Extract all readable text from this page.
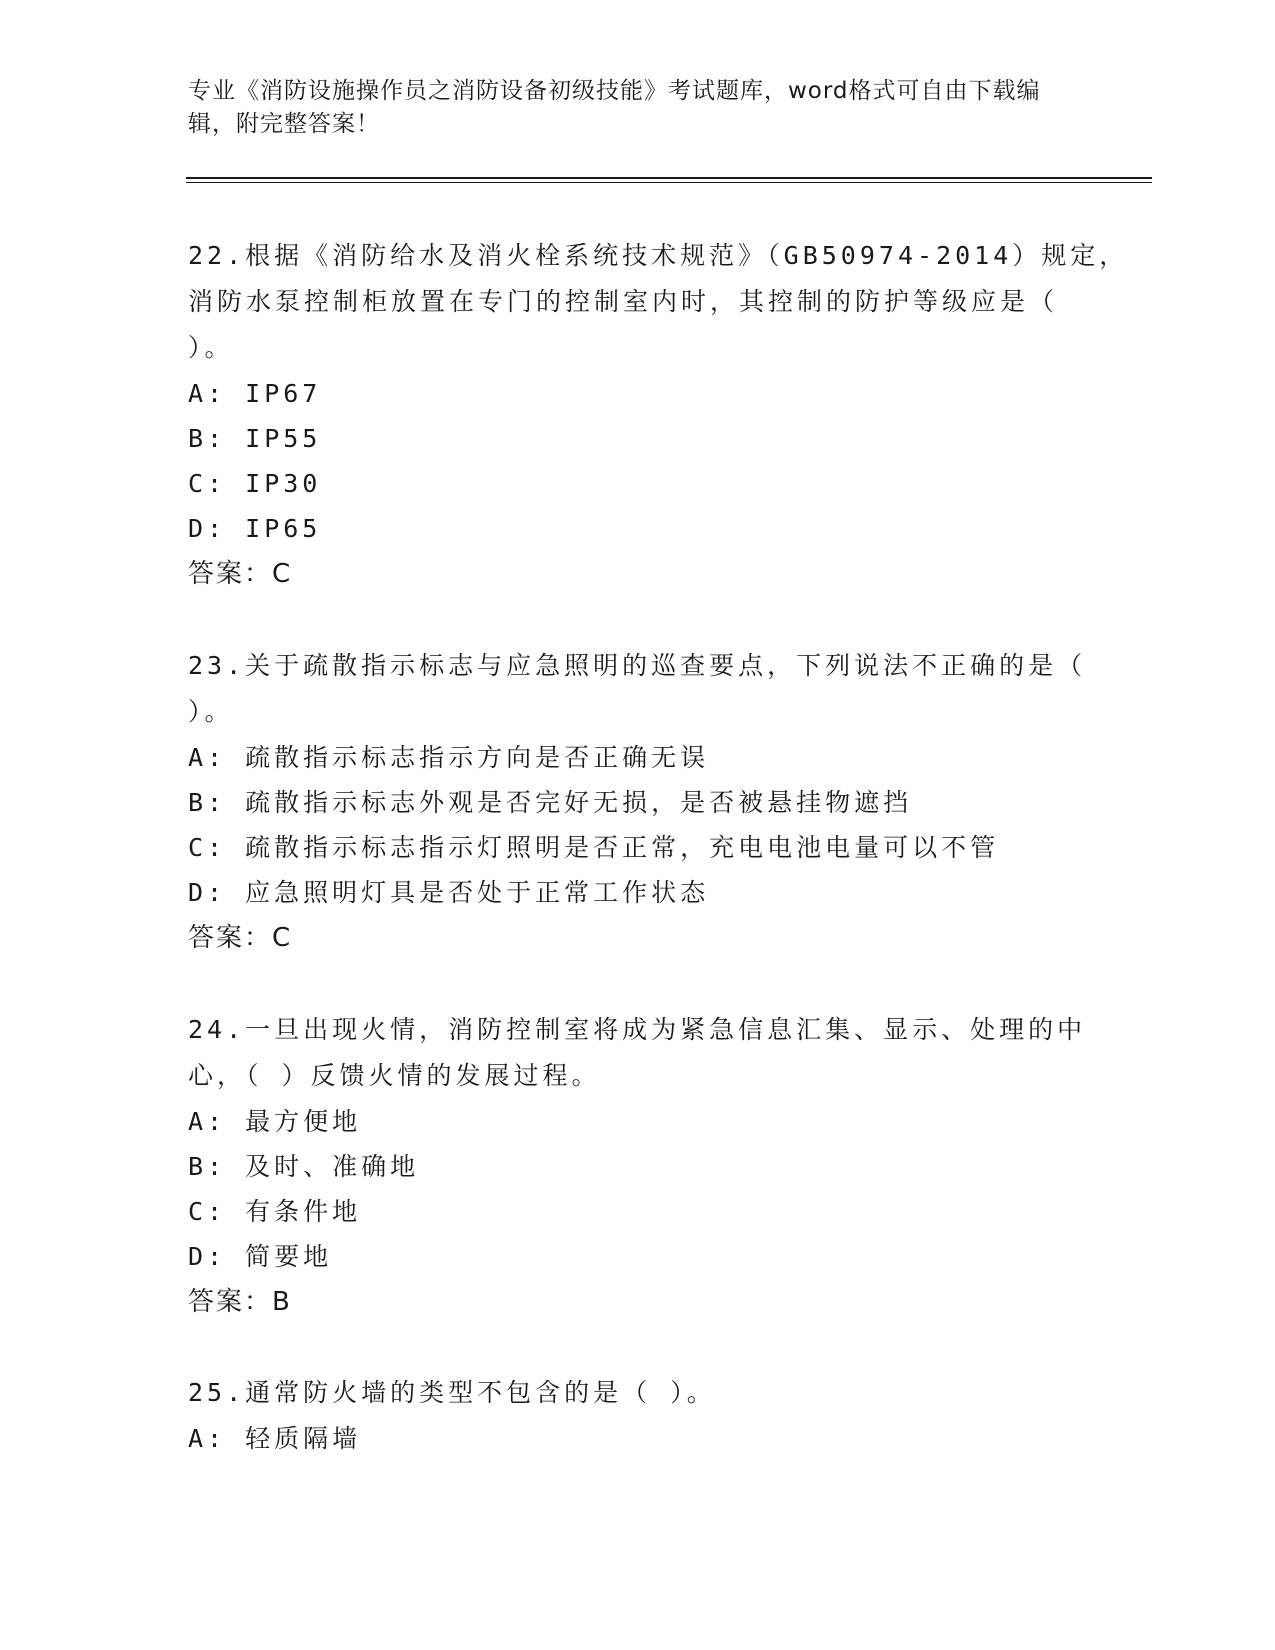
专业《消防设施操作员之消防设备初级技能》考试题库，word格式可自由下载编
辑，附完整答案！
22.根据《消防给水及消火栓系统技术规范》（GB50974-2014）规定，
消防水泵控制柜放置在专门的控制室内时，其控制的防护等级应是（
）。
A: IP67
B: IP55
C: IP30
D: IP65
答案：C
23.关于疏散指示标志与应急照明的巡查要点，下列说法不正确的是（
）。
A: 疏散指示标志指示方向是否正确无误
B: 疏散指示标志外观是否完好无损，是否被悬挂物遮挡
C: 疏散指示标志指示灯照明是否正常，充电电池电量可以不管
D: 应急照明灯具是否处于正常工作状态
答案：C
24.一旦出现火情，消防控制室将成为紧急信息汇集、显示、处理的中
心，（ ）反馈火情的发展过程。
A: 最方便地
B: 及时、准确地
C: 有条件地
D: 简要地
答案：B
25.通常防火墙的类型不包含的是（ ）。
A: 轻质隔墙
